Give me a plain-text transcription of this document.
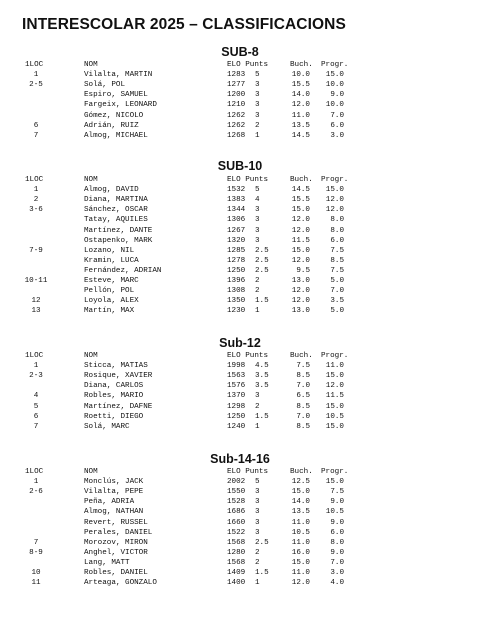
INTERESCOLAR 2025 – CLASSIFICACIONS
SUB-8
1LOC	NOM	ELO Punts	Buch. Progr.
1	Vilalta, MARTIN	1283 5	10.0	15.0
2-5	Solá, POL	1277 3	15.5	10.0
Espiro, SAMUEL	1200 3	14.0	9.0
Fargeix, LEONARD	1210 3	12.0	10.0
Gómez, NICOLO	1262 3	11.0	7.0
6	Adrián, RUIZ	1262 2	13.5	6.0
7	Almog, MICHAEL	1268 1	14.5	3.0
SUB-10
1LOC	NOM	ELO Punts	Buch. Progr.
1	Almog, DAVID	1532 5	14.5	15.0
2	Diana, MARTINA	1383 4	15.5	12.0
3-6	Sánchez, OSCAR	1344 3	15.0	12.0
Tatay, AQUILES	1306 3	12.0	8.0
Martínez, DANTE	1267 3	12.0	8.0
Ostapenko, MARK	1320 3	11.5	6.0
7-9	Lozano, NIL	1285 2.5	15.0	7.5
Kramin, LUCA	1278 2.5	12.0	8.5
Fernández, ADRIAN	1250 2.5	9.5	7.5
10-11	Esteve, MARC	1396 2	13.0	5.0
Pellón, POL	1308 2	12.0	7.0
12	Loyola, ALEX	1350 1.5	12.0	3.5
13	Martín, MAX	1230 1	13.0	5.0
Sub-12
1LOC	NOM	ELO Punts	Buch. Progr.
1	Sticca, MATIAS	1998 4.5	7.5	11.0
2-3	Rosique, XAVIER	1563 3.5	8.5	15.0
Diana, CARLOS	1576 3.5	7.0	12.0
4	Robles, MARIO	1370 3	6.5	11.5
5	Martínez, DAFNE	1298 2	8.5	15.0
6	Roetti, DIEGO	1250 1.5	7.0	10.5
7	Solá, MARC	1240 1	8.5	15.0
Sub-14-16
1LOC	NOM	ELO Punts	Buch. Progr.
1	Monclús, JACK	2002 5	12.5	15.0
2-6	Vilalta, PEPE	1550 3	15.0	7.5
Peña, ADRIA	1528 3	14.0	9.0
Almog, NATHAN	1686 3	13.5	10.5
Revert, RUSSEL	1660 3	11.0	9.0
Perales, DANIEL	1522 3	10.5	6.0
7	Morozov, MIRON	1568 2.5	11.0	8.0
8-9	Anghel, VICTOR	1280 2	16.0	9.0
Lang, MATT	1568 2	15.0	7.0
10	Robles, DANIEL	1409 1.5	11.0	3.0
11	Arteaga, GONZALO	1400 1	12.0	4.0
